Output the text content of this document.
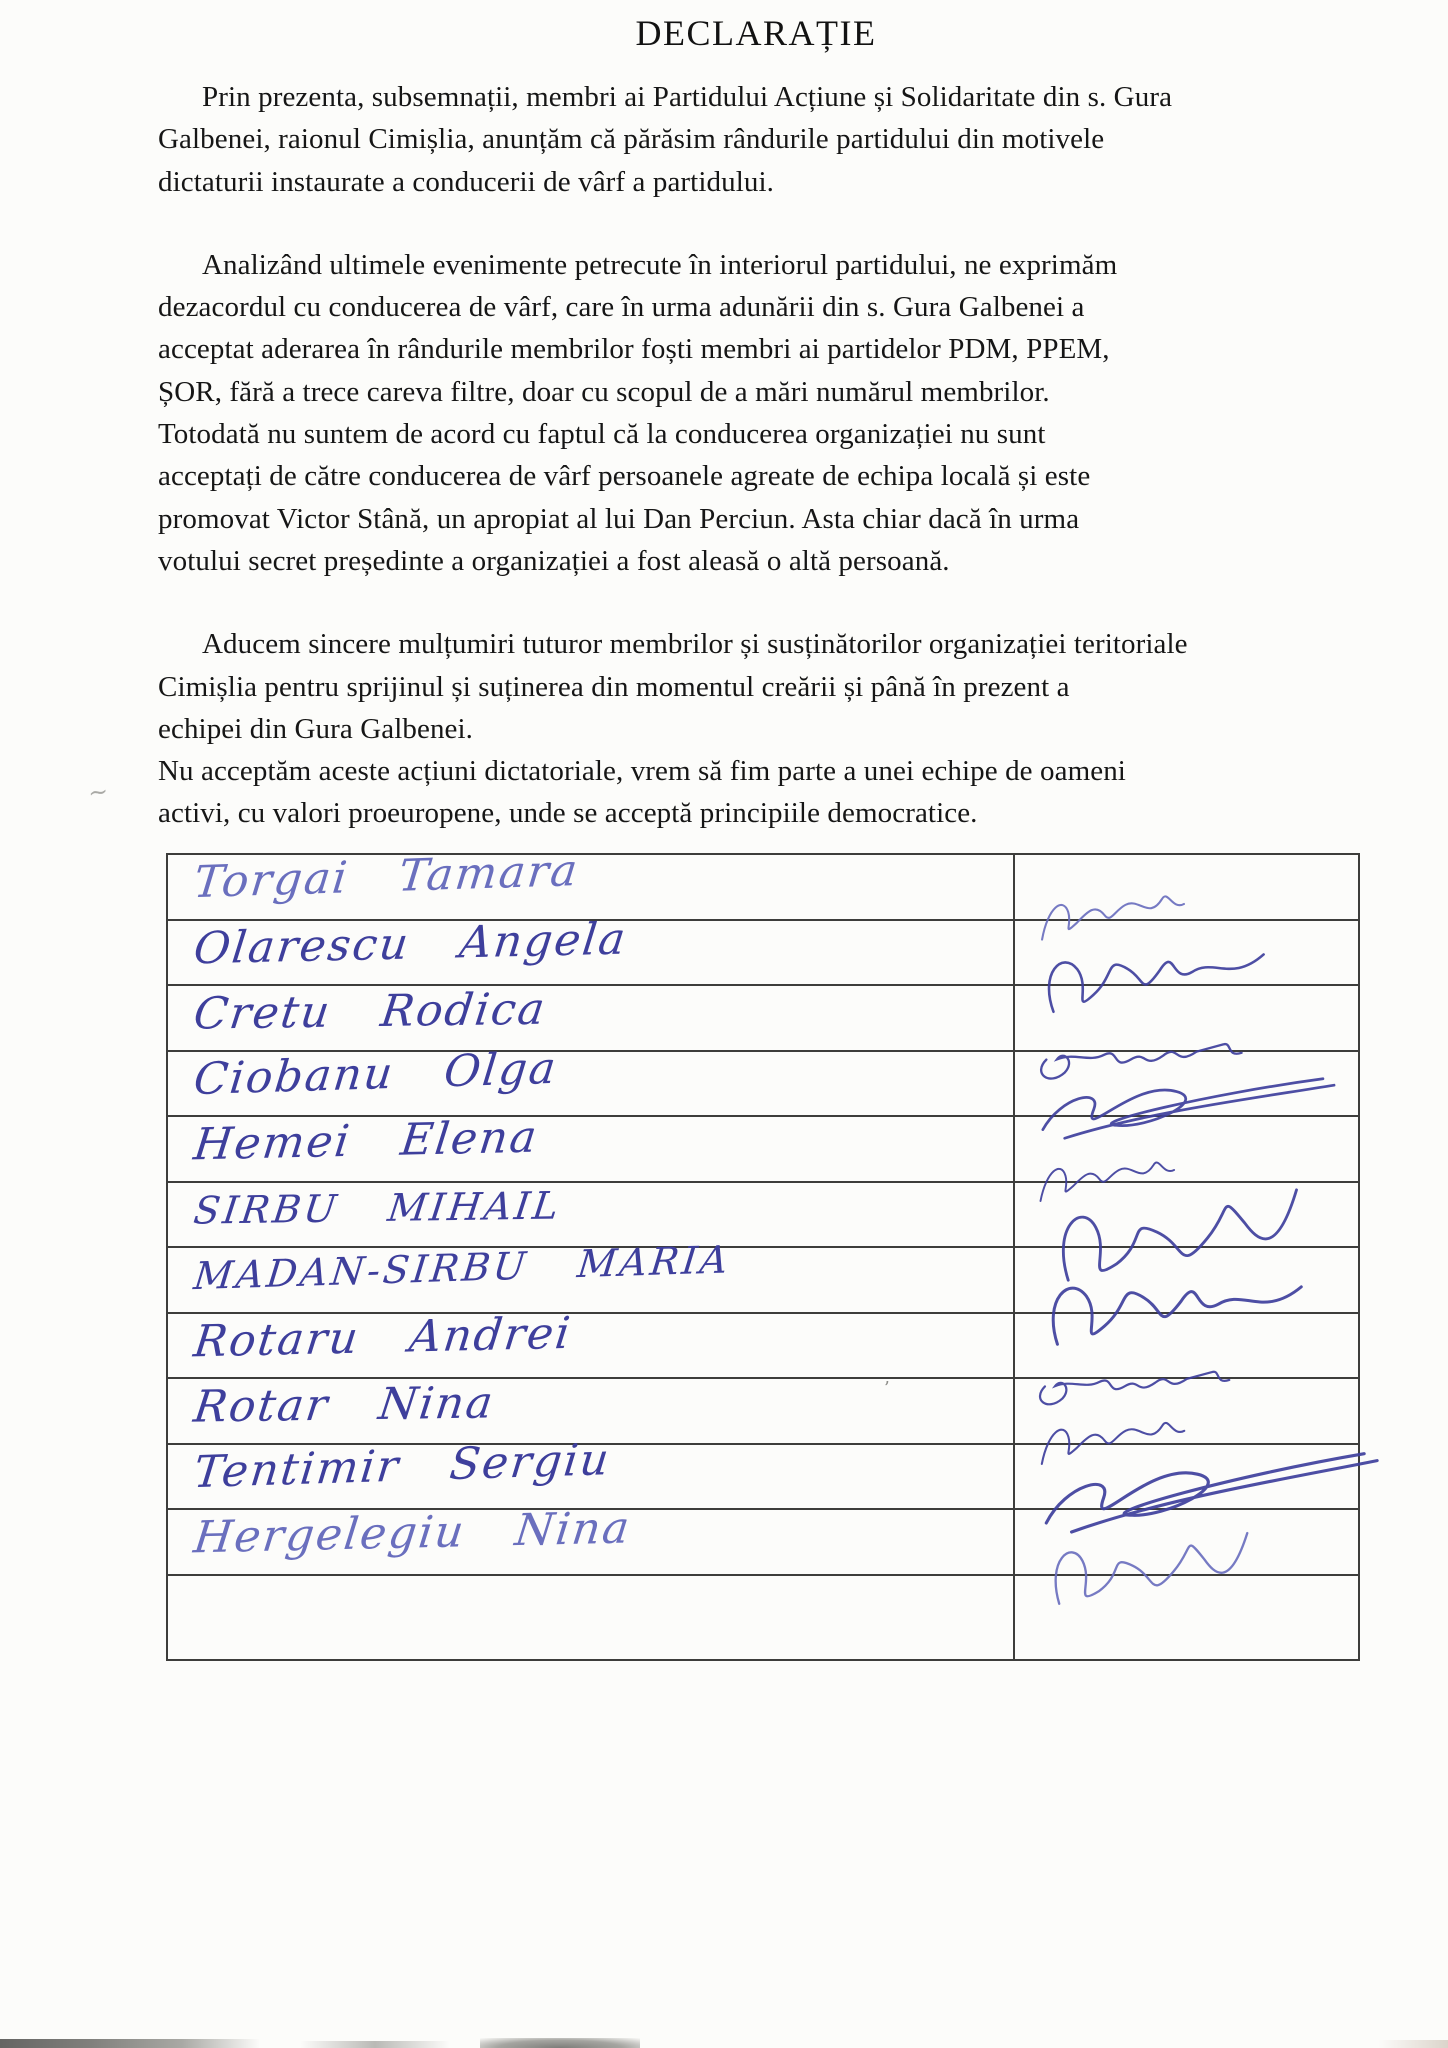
DECLARAȚIE
Prin prezenta, subsemnații, membri ai Partidului Acțiune și Solidaritate din s. Gura
Galbenei, raionul Cimișlia, anunțăm că părăsim rândurile partidului din motivele
dictaturii instaurate a conducerii de vârf a partidului.
Analizând ultimele evenimente petrecute în interiorul partidului, ne exprimăm
dezacordul cu conducerea de vârf, care în urma adunării din s. Gura Galbenei a
acceptat aderarea în rândurile membrilor foști membri ai partidelor PDM, PPEM,
ȘOR, fără a trece careva filtre, doar cu scopul de a mări numărul membrilor.
Totodată nu suntem de acord cu faptul că la conducerea organizației nu sunt
acceptați de către conducerea de vârf persoanele agreate de echipa locală și este
promovat Victor Stână, un apropiat al lui Dan Perciun. Asta chiar dacă în urma
votului secret președinte a organizației a fost aleasă o altă persoană.
Aducem sincere mulțumiri tuturor membrilor și susținătorilor organizației teritoriale
Cimișlia pentru sprijinul și suținerea din momentul creării și până în prezent a
echipei din Gura Galbenei.
Nu acceptăm aceste acțiuni dictatoriale, vrem să fim parte a unei echipe de oameni
activi, cu valori proeuropene, unde se acceptă principiile democratice.
Torgai Tamara	

Olarescu Angela	

Cretu Rodica	

Ciobanu Olga	

Hemei Elena	

SIRBU MIHAIL	

MADAN-SIRBU MARIA	

Rotaru Andrei	

Rotar Nina	

Tentimir Sergiu	

Hergelegiu Nina	

~
’
